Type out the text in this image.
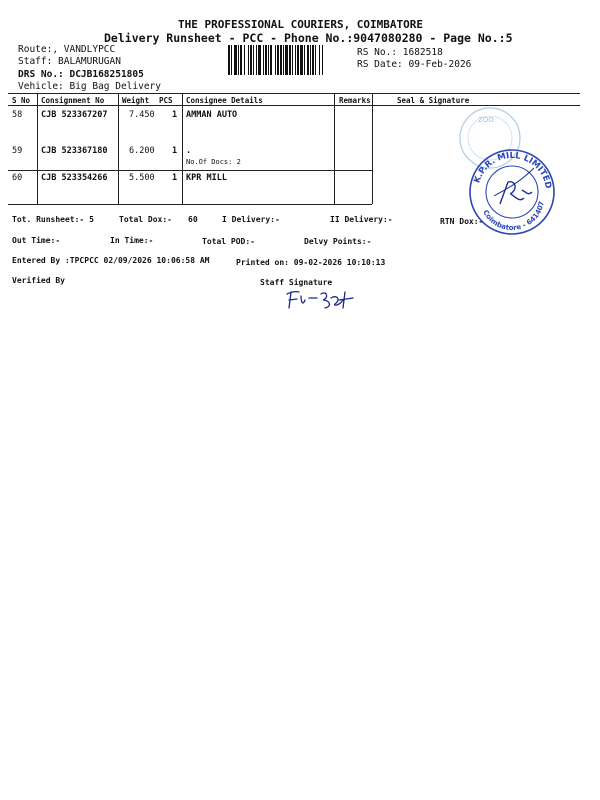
THE PROFESSIONAL COURIERS, COIMBATORE
Delivery Runsheet - PCC - Phone No.:9047080280 - Page No.:5
Route:, VANDLYPCC
Staff: BALAMURUGAN
DRS No.: DCJB168251805
Vehicle: Big Bag Delivery
RS No.: 1682518
RS Date: 09-Feb-2026
S No Consignment No Weight PCS Consignee Details	Remarks	Seal & Signature
58 CJB 523367207	7.450 1 AMMAN AUTO
59 CJB 523367180	6.200 1 .
No.Of Docs: 2
60 CJB 523354266	5.500 1 KPR MILL
ZOO
K.P.R. MILL LIMITED
Coimbatore - 641407
Tot. Runsheet:- 5	Total Dox:- 60	I Delivery:-	II Delivery:-	RTN Dox:-
Out Time:-	In Time:-	Total POD:-	Delvy Points:-
Entered By :TPCPCC 02/09/2026 10:06:58 AM	Printed on: 09-02-2026 10:10:13
Verified By	Staff Signature
